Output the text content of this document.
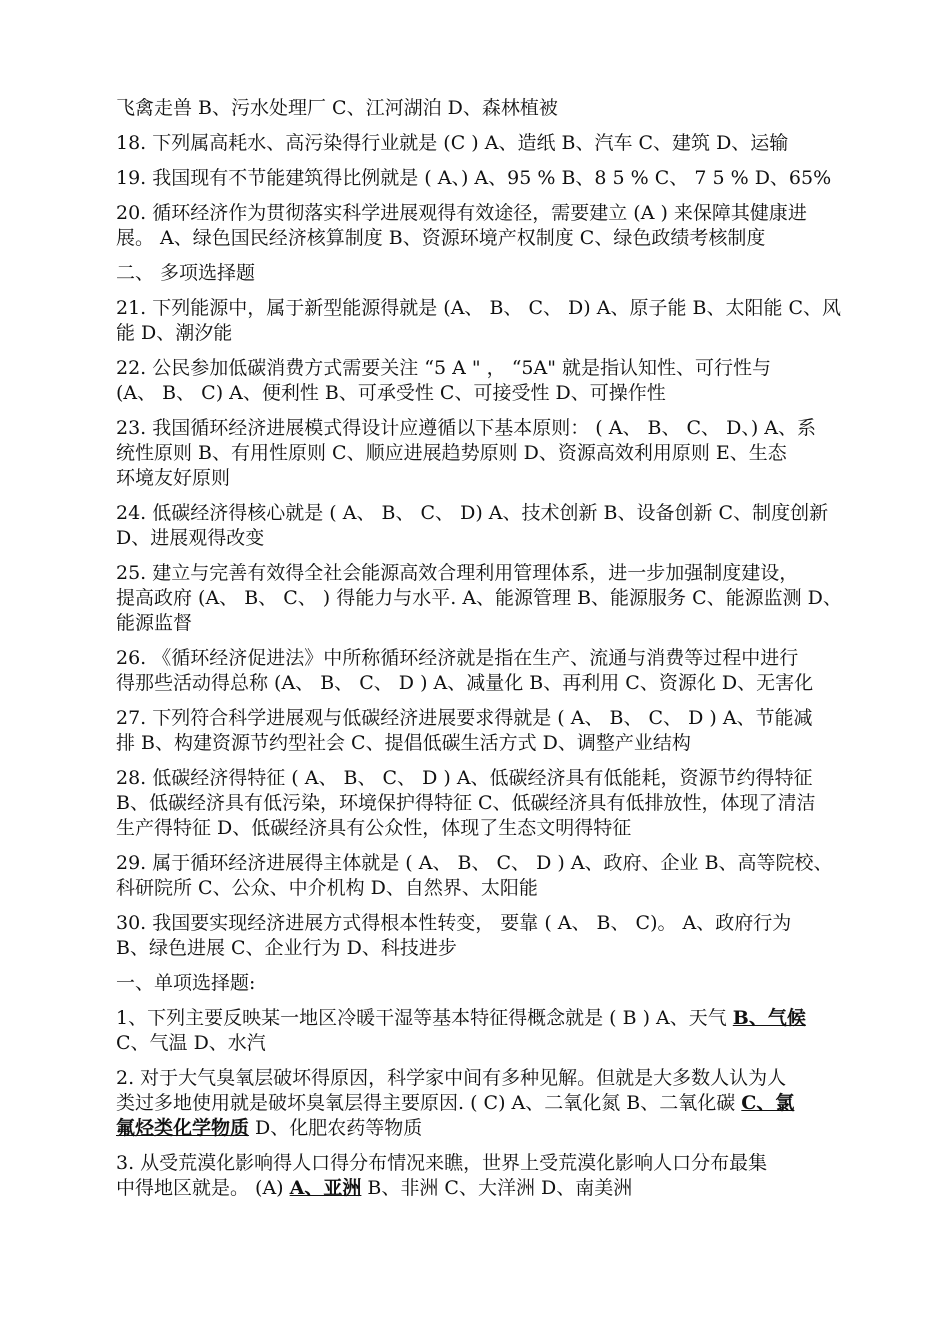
飞禽走兽 B、污水处理厂 C、江河湖泊 D、森林植被
18. 下列属高耗水、高污染得行业就是 (C ) A、造纸 B、汽车 C、建筑 D、运输
19. 我国现有不节能建筑得比例就是 ( A、) A、95 % B、8 5 % C、 7 5 % D、65%
20. 循环经济作为贯彻落实科学进展观得有效途径，需要建立 (A ) 来保障其健康进
展。 A、绿色国民经济核算制度 B、资源环境产权制度 C、绿色政绩考核制度
二、 多项选择题
21. 下列能源中，属于新型能源得就是 (A、 B、 C、 D) A、原子能 B、太阳能 C、风
能 D、潮汐能
22. 公民参加低碳消费方式需要关注 “5 A " ， “5A" 就是指认知性、可行性与
(A、 B、 C) A、便利性 B、可承受性 C、可接受性 D、可操作性
23. 我国循环经济进展模式得设计应遵循以下基本原则： ( A、 B、 C、 D、) A、系
统性原则 B、有用性原则 C、顺应进展趋势原则 D、资源高效利用原则 E、生态
环境友好原则
24. 低碳经济得核心就是 ( A、 B、 C、 D) A、技术创新 B、设备创新 C、制度创新
D、进展观得改变
25. 建立与完善有效得全社会能源高效合理利用管理体系，进一步加强制度建设，
提高政府 (A、 B、 C、 ) 得能力与水平. A、能源管理 B、能源服务 C、能源监测 D、
能源监督
26. 《循环经济促进法》中所称循环经济就是指在生产、流通与消费等过程中进行
得那些活动得总称 (A、 B、 C、 D ) A、减量化 B、再利用 C、资源化 D、无害化
27. 下列符合科学进展观与低碳经济进展要求得就是 ( A、 B、 C、 D ) A、节能减
排 B、构建资源节约型社会 C、提倡低碳生活方式 D、调整产业结构
28. 低碳经济得特征 ( A、 B、 C、 D ) A、低碳经济具有低能耗，资源节约得特征
B、低碳经济具有低污染，环境保护得特征 C、低碳经济具有低排放性，体现了清洁
生产得特征 D、低碳经济具有公众性，体现了生态文明得特征
29. 属于循环经济进展得主体就是 ( A、 B、 C、 D ) A、政府、企业 B、高等院校、
科研院所 C、公众、中介机构 D、自然界、太阳能
30. 我国要实现经济进展方式得根本性转变， 要靠 ( A、 B、 C)。 A、政府行为
B、绿色进展 C、企业行为 D、科技进步
一、单项选择题:
1、下列主要反映某一地区冷暖干湿等基本特征得概念就是 ( B ) A、天气 B、气候
C、气温 D、水汽
2. 对于大气臭氧层破坏得原因，科学家中间有多种见解。但就是大多数人认为人
类过多地使用就是破坏臭氧层得主要原因. ( C) A、二氧化氮 B、二氧化碳 C、氯
氟烃类化学物质 D、化肥农药等物质
3. 从受荒漠化影响得人口得分布情况来瞧，世界上受荒漠化影响人口分布最集
中得地区就是。 (A) A、亚洲 B、非洲 C、大洋洲 D、南美洲
